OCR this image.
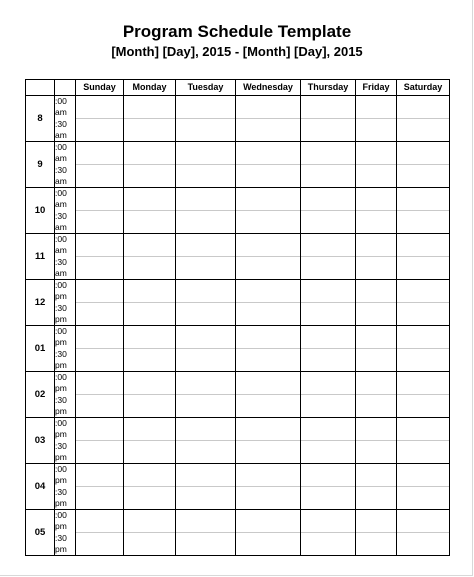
Program Schedule Template
[Month] [Day], 2015 - [Month] [Day], 2015
		Sunday	Monday	Tuesday	Wednesday	Thursday	Friday	Saturday
8	:00
am
:30
am							

9	:00
am
:30
am							

10	:00
am
:30
am							

11	:00
am
:30
am							

12	:00
pm
:30
pm							

01	:00
pm
:30
pm							

02	:00
pm
:30
pm							

03	:00
pm
:30
pm							

04	:00
pm
:30
pm							

05	:00
pm
:30
pm							
